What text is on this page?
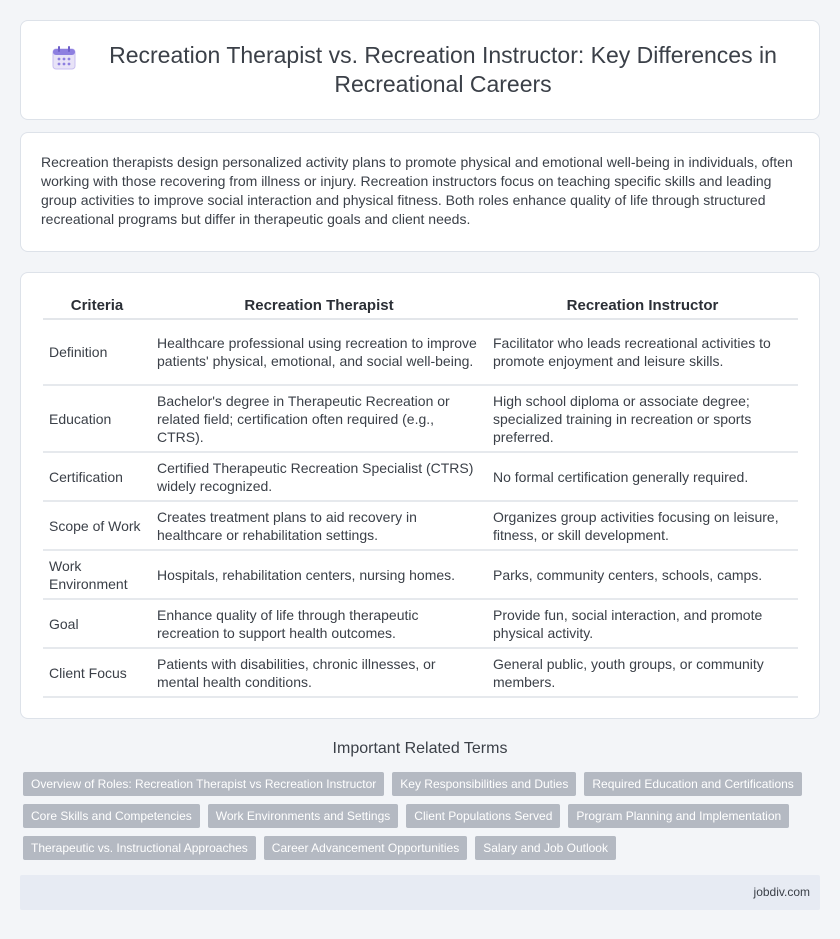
Recreation Therapist vs. Recreation Instructor: Key Differences in Recreational Careers

Recreation therapists design personalized activity plans to promote physical and emotional well-being in individuals, often working with those recovering from illness or injury. Recreation instructors focus on teaching specific skills and leading group activities to improve social interaction and physical fitness. Both roles enhance quality of life through structured recreational programs but differ in therapeutic goals and client needs.

Criteria	Recreation Therapist	Recreation Instructor
Definition	Healthcare professional using recreation to improve patients' physical, emotional, and social well-being.	Facilitator who leads recreational activities to promote enjoyment and leisure skills.
Education	Bachelor's degree in Therapeutic Recreation or related field; certification often required (e.g., CTRS).	High school diploma or associate degree; specialized training in recreation or sports preferred.
Certification	Certified Therapeutic Recreation Specialist (CTRS) widely recognized.	No formal certification generally required.
Scope of Work	Creates treatment plans to aid recovery in healthcare or rehabilitation settings.	Organizes group activities focusing on leisure, fitness, or skill development.
Work Environment	Hospitals, rehabilitation centers, nursing homes.	Parks, community centers, schools, camps.
Goal	Enhance quality of life through therapeutic recreation to support health outcomes.	Provide fun, social interaction, and promote physical activity.
Client Focus	Patients with disabilities, chronic illnesses, or mental health conditions.	General public, youth groups, or community members.
Important Related Terms
Overview of Roles: Recreation Therapist vs Recreation Instructor	Key Responsibilities and Duties	Required Education and Certifications
Core Skills and Competencies	Work Environments and Settings	Client Populations Served	Program Planning and Implementation
Therapeutic vs. Instructional Approaches	Career Advancement Opportunities	Salary and Job Outlook
jobdiv.com
